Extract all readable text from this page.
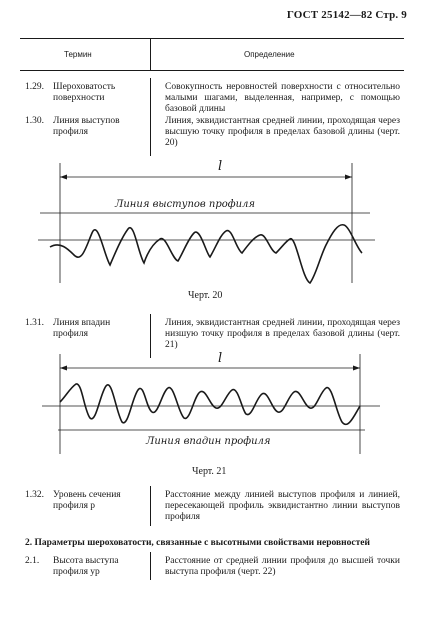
ГОСТ 25142—82 Стр. 9
Термин	Определение
1.29. Шероховатость поверхности
Совокупность неровностей поверхности с относительно малыми шагами, выделенная, например, с помощью базовой длины
1.30. Линия выступов профиля
Линия, эквидистантная средней линии, проходящая через высшую точку профиля в пределах базовой длины (черт. 20)
l
Линия выступов профиля
Черт. 20
1.31. Линия впадин профиля
Линия, эквидистантная средней линии, проходящая через низшую точку профиля в пределах базовой длины (черт. 21)
l
Линия впадин профиля
Черт. 21
1.32. Уровень сечения профиля p
Расстояние между линией выступов профиля и линией, пересекающей профиль эквидистантно линии выступов профиля
2. Параметры шероховатости, связанные с высотными свойствами неровностей
2.1. Высота выступа профиля yp
Расстояние от средней линии профиля до высшей точки выступа профиля (черт. 22)
